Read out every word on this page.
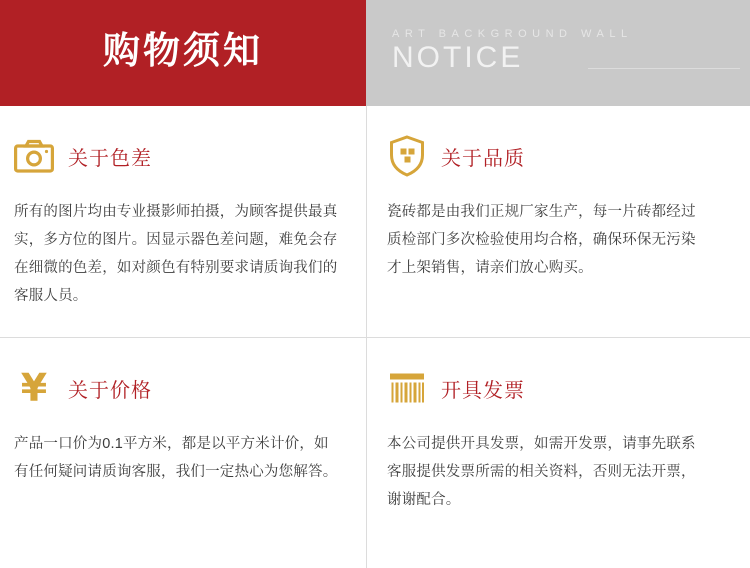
购物须知	ART BACKGROUND WALL
NOTICE
关于色差
所有的图片均由专业摄影师拍摄，为顾客提供最真实，多方位的图片。因显示器色差问题，难免会存在细微的色差，如对颜色有特别要求请质询我们的客服人员。
关于品质
瓷砖都是由我们正规厂家生产，每一片砖都经过质检部门多次检验使用均合格，确保环保无污染才上架销售，请亲们放心购买。
¥ 关于价格
产品一口价为0.1平方米，都是以平方米计价，如有任何疑问请质询客服，我们一定热心为您解答。
开具发票
本公司提供开具发票，如需开发票，请事先联系客服提供发票所需的相关资料，否则无法开票，谢谢配合。
